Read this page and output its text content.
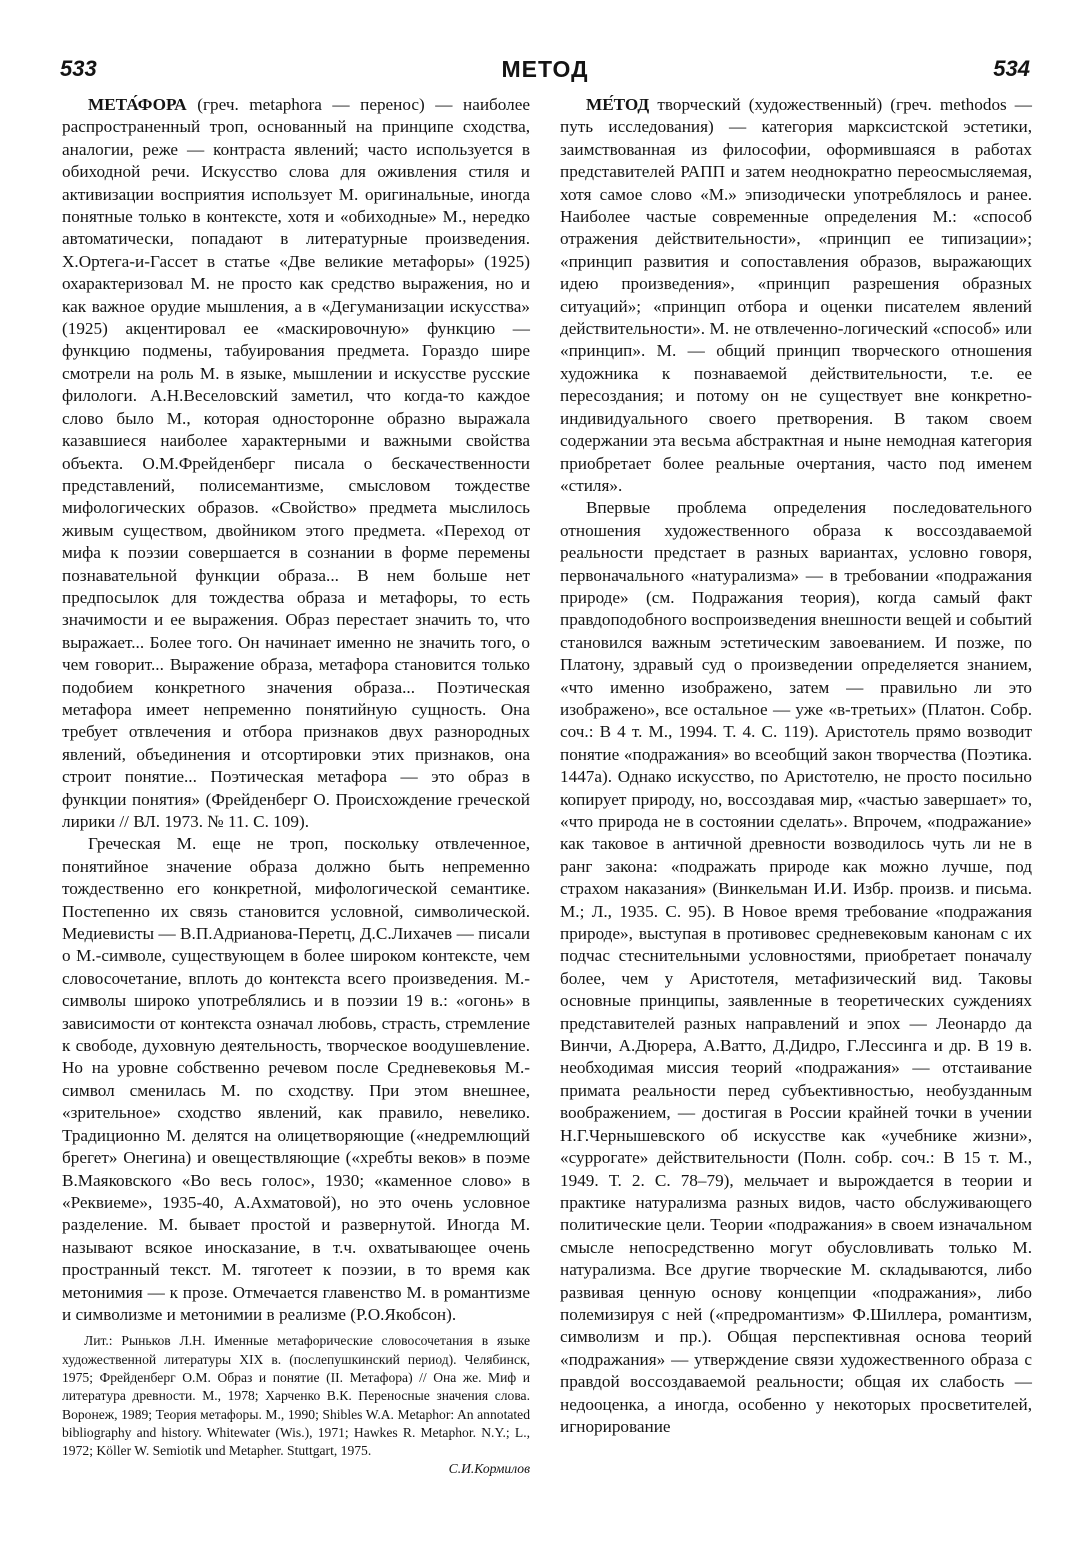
533	МЕТОД	534

МЕТА́ФОРА (греч. metaphora — перенос) — наиболее распространенный троп, основанный на принципе сходства, аналогии, реже — контраста явлений; часто используется в обиходной речи. Искусство слова для оживления стиля и активизации восприятия использует М. оригинальные, иногда понятные только в контексте, хотя и «обиходные» М., нередко автоматически, попадают в литературные произведения. Х.Ортега-и-Гассет в статье «Две великие метафоры» (1925) охарактеризовал М. не просто как средство выражения, но и как важное орудие мышления, а в «Дегуманизации искусства» (1925) акцентировал ее «маскировочную» функцию — функцию подмены, табуирования предмета. Гораздо шире смотрели на роль М. в языке, мышлении и искусстве русские филологи. А.Н.Веселовский заметил, что когда-то каждое слово было М., которая односторонне образно выражала казавшиеся наиболее характерными и важными свойства объекта. О.М.Фрейденберг писала о бескачественности представлений, полисемантизме, смысловом тождестве мифологических образов. «Свойство» предмета мыслилось живым существом, двойником этого предмета. «Переход от мифа к поэзии совершается в сознании в форме перемены познавательной функции образа... В нем больше нет предпосылок для тождества образа и метафоры, то есть значимости и ее выражения. Образ перестает значить то, что выражает... Более того. Он начинает именно не значить того, о чем говорит... Выражение образа, метафора становится только подобием конкретного значения образа... Поэтическая метафора имеет непременно понятийную сущность. Она требует отвлечения и отбора признаков двух разнородных явлений, объединения и отсортировки этих признаков, она строит понятие... Поэтическая метафора — это образ в функции понятия» (Фрейденберг О. Происхождение греческой лирики // ВЛ. 1973. № 11. С. 109).

Греческая М. еще не троп, поскольку отвлеченное, понятийное значение образа должно быть непременно тождественно его конкретной, мифологической семантике. Постепенно их связь становится условной, символической. Медиевисты — В.П.Адрианова-Перетц, Д.С.Лихачев — писали о М.-символе, существующем в более широком контексте, чем словосочетание, вплоть до контекста всего произведения. М.-символы широко употреблялись и в поэзии 19 в.: «огонь» в зависимости от контекста означал любовь, страсть, стремление к свободе, духовную деятельность, творческое воодушевление. Но на уровне собственно речевом после Средневековья М.-символ сменилась М. по сходству. При этом внешнее, «зрительное» сходство явлений, как правило, невелико. Традиционно М. делятся на олицетворяющие («недремлющий брегет» Онегина) и овеществляющие («хребты веков» в поэме В.Маяковского «Во весь голос», 1930; «каменное слово» в «Реквиеме», 1935-40, А.Ахматовой), но это очень условное разделение. М. бывает простой и развернутой. Иногда М. называют всякое иносказание, в т.ч. охватывающее очень пространный текст. М. тяготеет к поэзии, в то время как метонимия — к прозе. Отмечается главенство М. в романтизме и символизме и метонимии в реализме (Р.О.Якобсон).

Лит.: Рыньков Л.Н. Именные метафорические словосочетания в языке художественной литературы XIX в. (послепушкинский период). Челябинск, 1975; Фрейденберг О.М. Образ и понятие (II. Метафора) // Она же. Миф и литература древности. М., 1978; Харченко В.К. Переносные значения слова. Воронеж, 1989; Теория метафоры. М., 1990; Shibles W.A. Metaphor: An annotated bibliography and history. Whitewater (Wis.), 1971; Hawkes R. Metaphor. N.Y.; L., 1972; Köller W. Semiotik und Metapher. Stuttgart, 1975.

С.И.Кормилов

МЕ́ТОД творческий (художественный) (греч. methodos — путь исследования) — категория марксистской эстетики, заимствованная из философии, оформившаяся в работах представителей РАПП и затем неоднократно переосмысляемая, хотя самое слово «М.» эпизодически употреблялось и ранее. Наиболее частые современные определения М.: «способ отражения действительности», «принцип ее типизации»; «принцип развития и сопоставления образов, выражающих идею произведения», «принцип разрешения образных ситуаций»; «принцип отбора и оценки писателем явлений действительности». М. не отвлеченно-логический «способ» или «принцип». М. — общий принцип творческого отношения художника к познаваемой действительности, т.е. ее пересоздания; и потому он не существует вне конкретно-индивидуального своего претворения. В таком своем содержании эта весьма абстрактная и ныне немодная категория приобретает более реальные очертания, часто под именем «стиля».

Впервые проблема определения последовательного отношения художественного образа к воссоздаваемой реальности предстает в разных вариантах, условно говоря, первоначального «натурализма» — в требовании «подражания природе» (см. Подражания теория), когда самый факт правдоподобного воспроизведения внешности вещей и событий становился важным эстетическим завоеванием. И позже, по Платону, здравый суд о произведении определяется знанием, «что именно изображено, затем — правильно ли это изображено», все остальное — уже «в-третьих» (Платон. Собр. соч.: В 4 т. М., 1994. Т. 4. С. 119). Аристотель прямо возводит понятие «подражания» во всеобщий закон творчества (Поэтика. 1447а). Однако искусство, по Аристотелю, не просто посильно копирует природу, но, воссоздавая мир, «частью завершает» то, «что природа не в состоянии сделать». Впрочем, «подражание» как таковое в античной древности возводилось чуть ли не в ранг закона: «подражать природе как можно лучше, под страхом наказания» (Винкельман И.И. Избр. произв. и письма. М.; Л., 1935. С. 95). В Новое время требование «подражания природе», выступая в противовес средневековым канонам с их подчас стеснительными условностями, приобретает поначалу более, чем у Аристотеля, метафизический вид. Таковы основные принципы, заявленные в теоретических суждениях представителей разных направлений и эпох — Леонардо да Винчи, А.Дюрера, А.Ватто, Д.Дидро, Г.Лессинга и др. В 19 в. необходимая миссия теорий «подражания» — отстаивание примата реальности перед субъективностью, необузданным воображением, — достигая в России крайней точки в учении Н.Г.Чернышевского об искусстве как «учебнике жизни», «суррогате» действительности (Полн. собр. соч.: В 15 т. М., 1949. Т. 2. С. 78–79), мельчает и вырождается в теории и практике натурализма разных видов, часто обслуживающего политические цели. Теории «подражания» в своем изначальном смысле непосредственно могут обусловливать только М. натурализма. Все другие творческие М. складываются, либо развивая ценную основу концепции «подражания», либо полемизируя с ней («предромантизм» Ф.Шиллера, романтизм, символизм и пр.). Общая перспективная основа теорий «подражания» — утверждение связи художественного образа с правдой воссоздаваемой реальности; общая их слабость — недооценка, а иногда, особенно у некоторых просветителей, игнорирование
